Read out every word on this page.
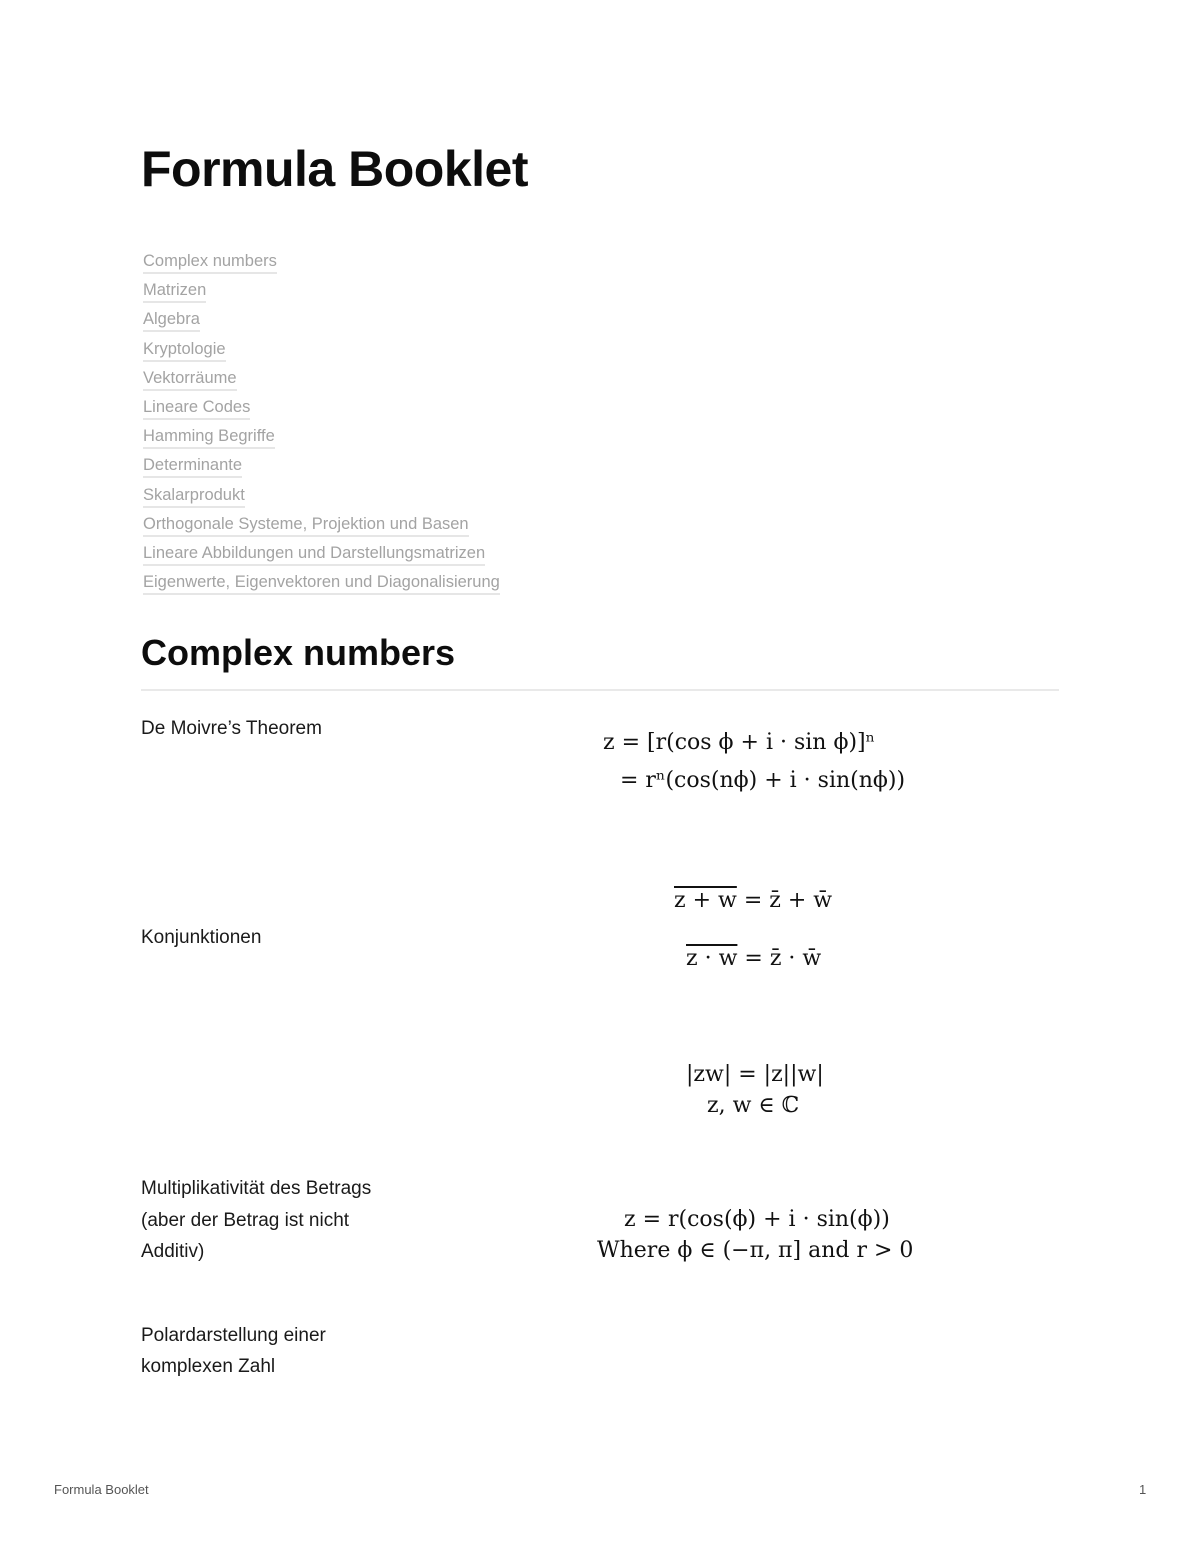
Formula Booklet
Complex numbers
Matrizen
Algebra
Kryptologie
Vektorräume
Lineare Codes
Hamming Begriffe
Determinante
Skalarprodukt
Orthogonale Systeme, Projektion und Basen
Lineare Abbildungen und Darstellungsmatrizen
Eigenwerte, Eigenvektoren und Diagonalisierung
Complex numbers
De Moivre’s Theorem
z = [r(cos ϕ + i · sin ϕ)]ⁿ
= rⁿ(cos(nϕ) + i · sin(nϕ))
z + w = z̄ + w̄
Konjunktionen
z · w = z̄ · w̄
|zw| = |z||w|
z, w ∈ ℂ
Multiplikativität des Betrags
(aber der Betrag ist nicht
Additiv)
z = r(cos(ϕ) + i · sin(ϕ))
Where ϕ ∈ (−π, π] and r > 0
Polardarstellung einer
komplexen Zahl
Formula Booklet	1
